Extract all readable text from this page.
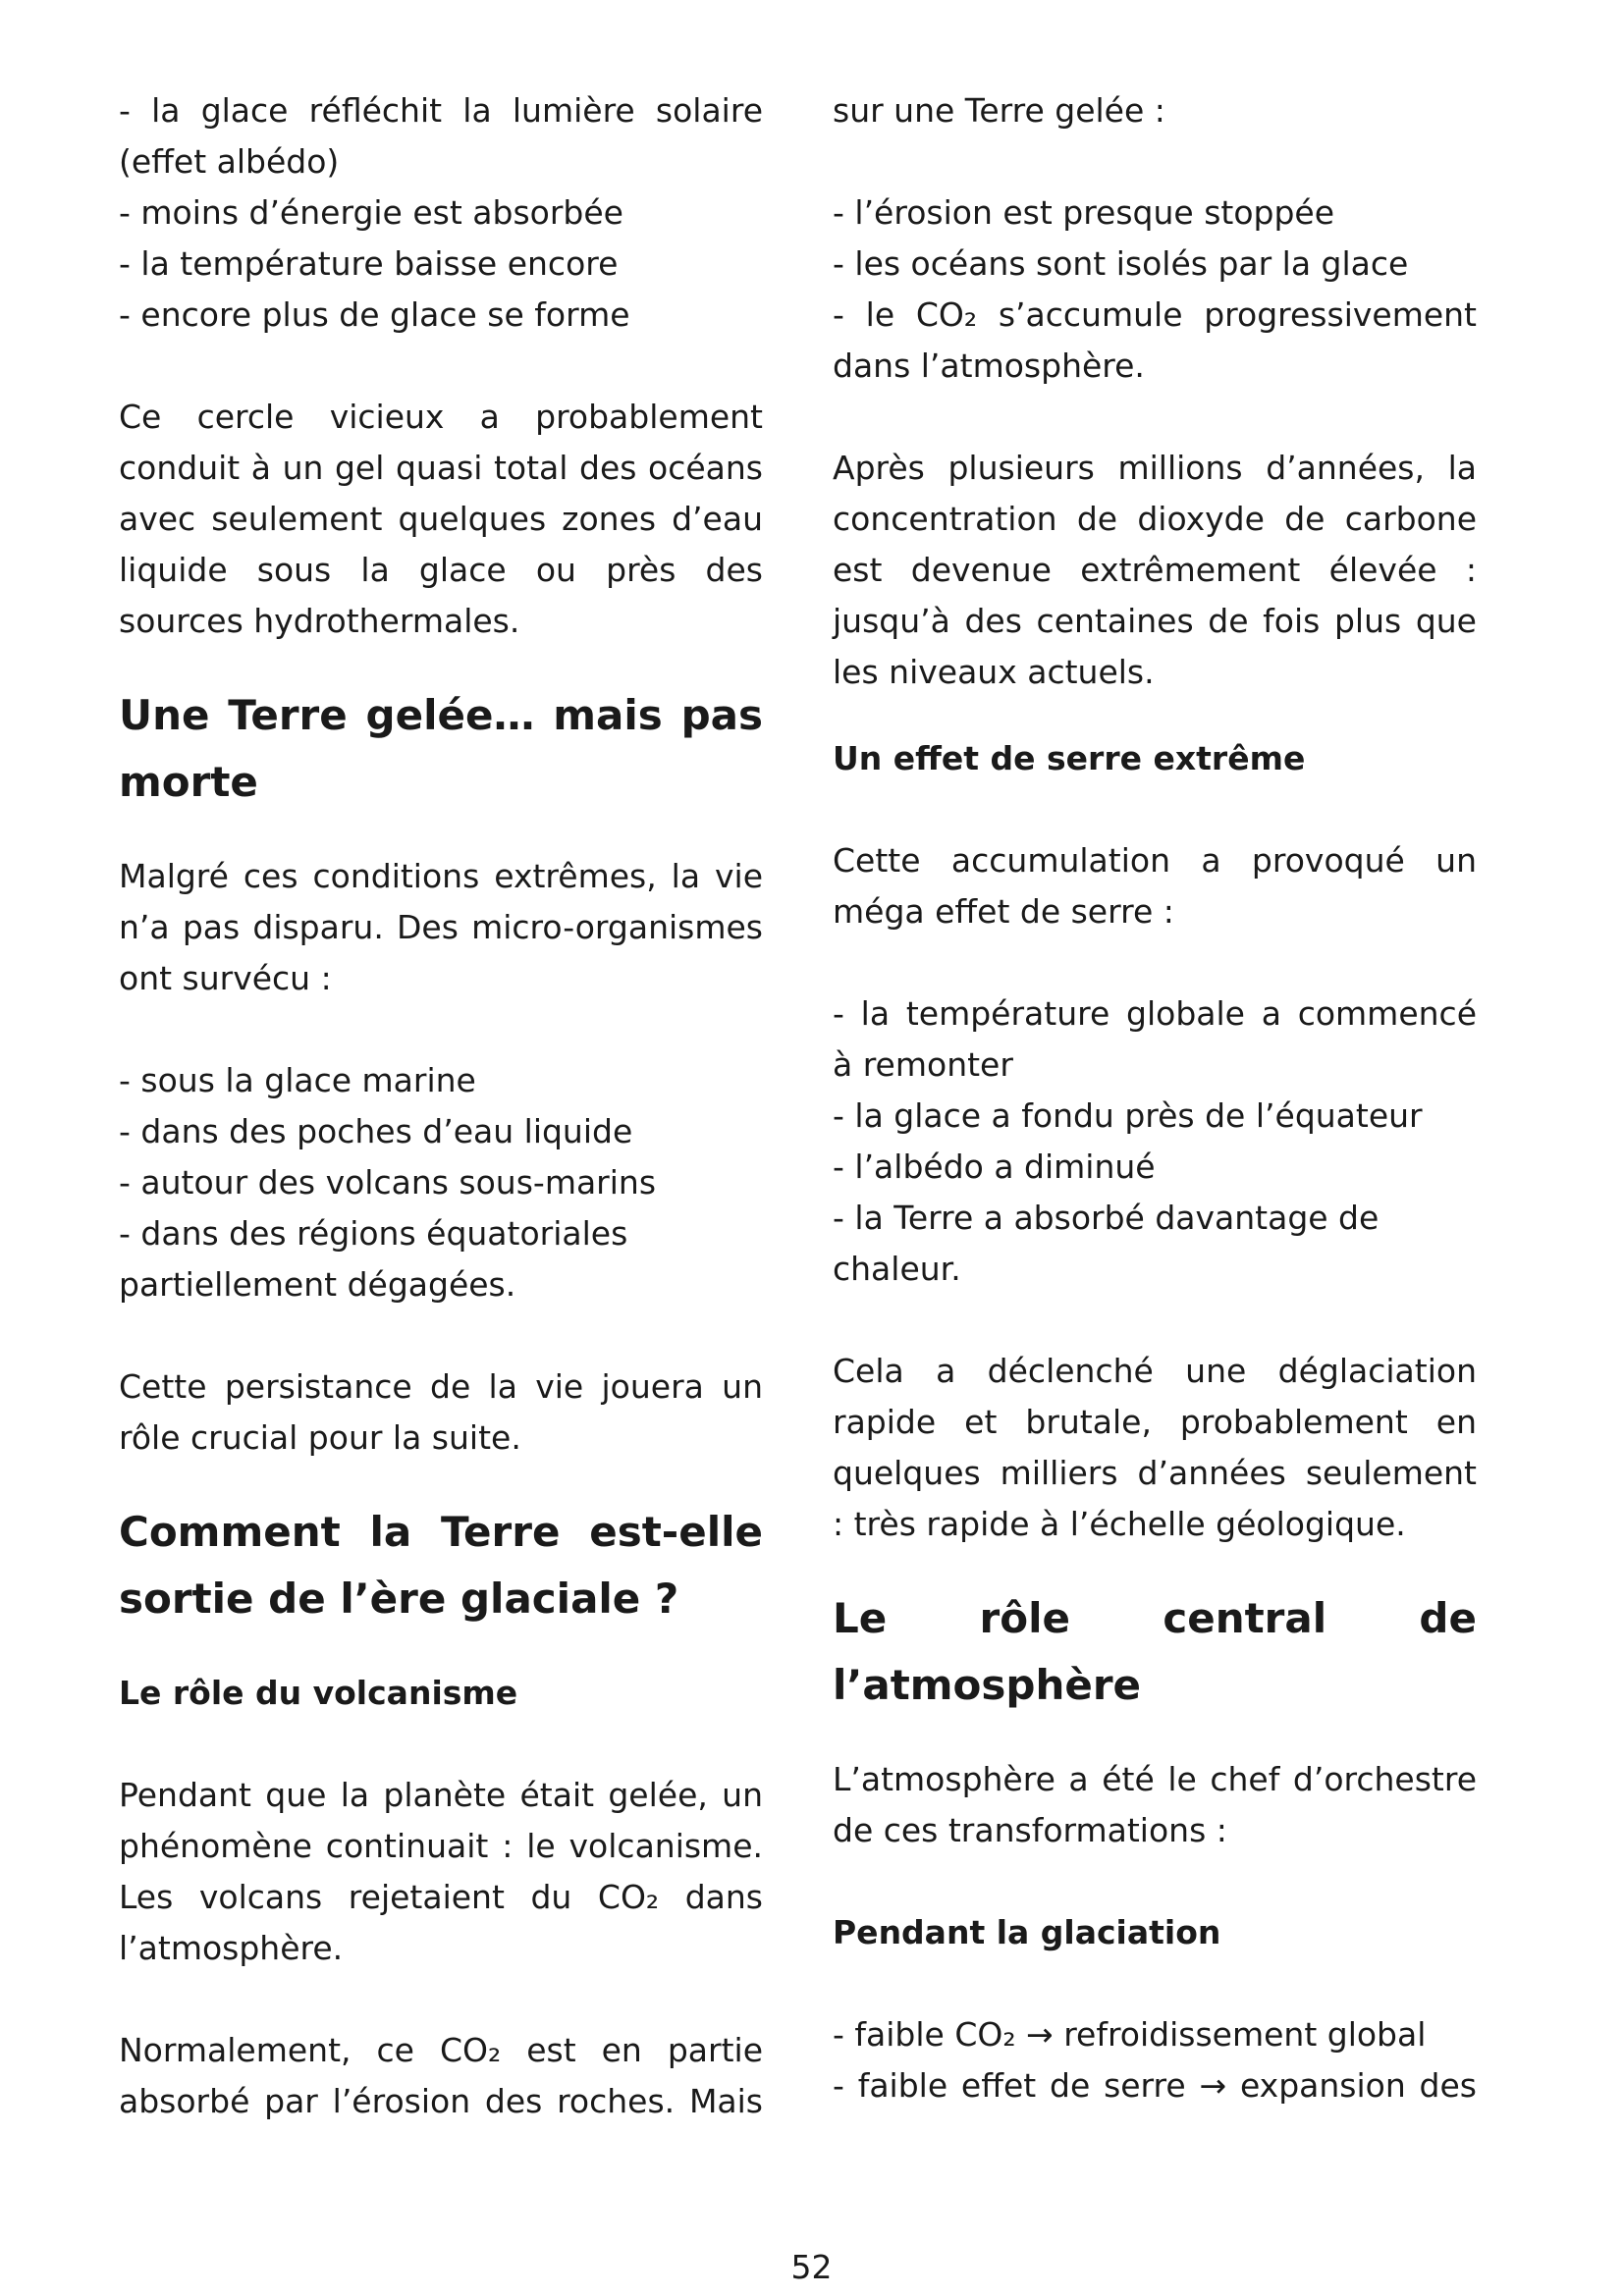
- la glace réfléchit la lumière solaire

(effet albédo)

- moins d’énergie est absorbée

- la température baisse encore

- encore plus de glace se forme

Ce cercle vicieux a probablement

conduit à un gel quasi total des océans

avec seulement quelques zones d’eau

liquide sous la glace ou près des

sources hydrothermales.

Une Terre gelée… mais pas
morte

Malgré ces conditions extrêmes, la vie

n’a pas disparu. Des micro-organismes

ont survécu :

- sous la glace marine

- dans des poches d’eau liquide

- autour des volcans sous-marins

- dans des régions équatoriales

partiellement dégagées.

Cette persistance de la vie jouera un

rôle crucial pour la suite.

Comment la Terre est-elle
sortie de l’ère glaciale ?
Le rôle du volcanisme

Pendant que la planète était gelée, un

phénomène continuait : le volcanisme.

Les volcans rejetaient du CO₂ dans

l’atmosphère.

Normalement, ce CO₂ est en partie

absorbé par l’érosion des roches. Mais

sur une Terre gelée :

- l’érosion est presque stoppée

- les océans sont isolés par la glace

- le CO₂ s’accumule progressivement

dans l’atmosphère.

Après plusieurs millions d’années, la

concentration de dioxyde de carbone

est devenue extrêmement élevée :

jusqu’à des centaines de fois plus que

les niveaux actuels.

Un effet de serre extrême

Cette accumulation a provoqué un

méga effet de serre :

- la température globale a commencé

à remonter

- la glace a fondu près de l’équateur

- l’albédo a diminué

- la Terre a absorbé davantage de

chaleur.

Cela a déclenché une déglaciation

rapide et brutale, probablement en

quelques milliers d’années seulement

: très rapide à l’échelle géologique.

Le rôle central de
l’atmosphère

L’atmosphère a été le chef d’orchestre

de ces transformations :

Pendant la glaciation

- faible CO₂ → refroidissement global

- faible effet de serre → expansion des

52
